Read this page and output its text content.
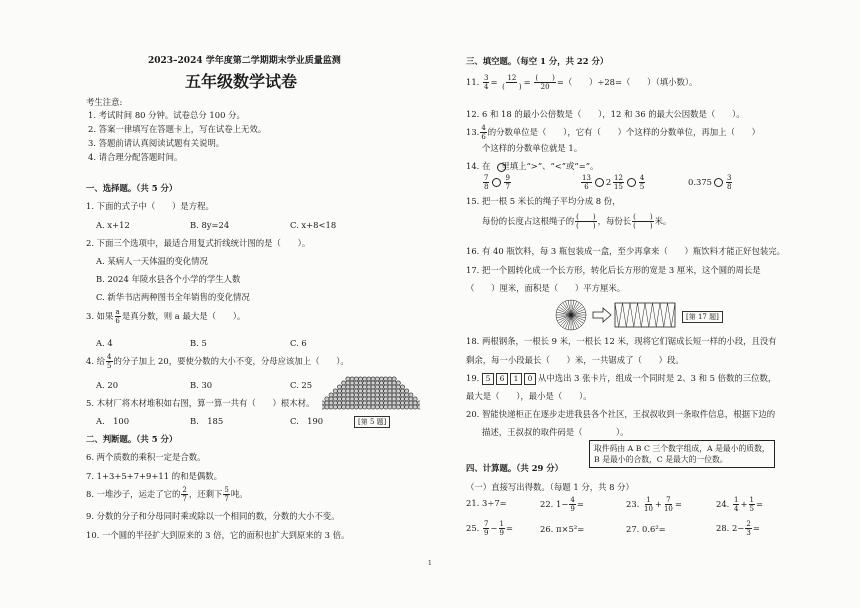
2023–2024 学年度第二学期期末学业质量监测
五年级数学试卷
考生注意:
1. 考试时间 80 分钟。试卷总分 100 分。
2. 答案一律填写在答题卡上，写在试卷上无效。
3. 答题前请认真阅读试题有关说明。
4. 请合理分配答题时间。
一、选择题。（共 5 分）
1. 下面的式子中（　　）是方程。
A. x+12	B. 8y=24	C. x+8<18
2. 下面三个选项中，最适合用复式折线统计图的是（　　）。
A. 某病人一天体温的变化情况
B. 2024 年陵水县各个小学的学生人数
C. 新华书店两种图书全年销售的变化情况
3. 如果 $\frac{a}{6}$ 是真分数，则 a 最大是（　　）。
A. 4	B. 5	C. 6
4. 给 $\frac{4}{5}$ 的分子加上 20，要使分数的大小不变，分母应该加上（　　）。
A. 20	B. 30	C. 25
5. 木材厂将木材堆积如右图，算一算一共有（　　）根木材。
A.　100	B.　185	C.　190	[第 5 题]
二、判断题。（共 5 分）
6. 两个质数的乘积一定是合数。
7. 1+3+5+7+9+11 的和是偶数。
8. 一堆沙子，运走了它的 $\frac{2}{7}$ ，还剩下 $\frac{5}{7}$ 吨。
9. 分数的分子和分母同时乘或除以一个相同的数，分数的大小不变。
10. 一个圆的半径扩大到原来的 3 倍，它的面积也扩大到原来的 3 倍。
三、填空题。（每空 1 分，共 22 分）
11. $\frac{3}{4} = \frac{12}{( )} = \frac{( )}{20}$ =（　　）÷28=（　　）（填小数）。
12. 6 和 18 的最小公倍数是（　　），12 和 36 的最大公因数是（　　）。
13. $\frac{4}{6}$ 的分数单位是（　　），它有（　　）个这样的分数单位，再加上（　　）
个这样的分数单位就是 1。
14. 在　 里填上“>”、“<”或“=”。
$\frac{7}{8} \frac{9}{7}$	$\frac{13}{6} 2 \frac{12}{15} \frac{4}{5}$	$0.375 \frac{3}{8}$
15. 把一根 5 米长的绳子平均分成 8 份，
每份的长度占这根绳子的 $\frac{( )}{( )}$ ，每份长 $\frac{( )}{( )}$ 米。
16. 有 40 瓶饮料，每 3 瓶包装成一盒，至少再拿来（　　）瓶饮料才能正好包装完。
17. 把一个圆转化成一个长方形，转化后长方形的宽是 3 厘米，这个圆的周长是
（　　）厘米，面积是（　　）平方厘米。
[第 17 题]
18. 两根钢条，一根长 9 米，一根长 12 米，现将它们锯成长短一样的小段，且没有
剩余，每一小段最长（　　）米，一共锯成了（　　）段。
19. 5 6 1 0 从中选出 3 张卡片，组成一个同时是 2、3 和 5 倍数的三位数，
最大是（　　），最小是（　　）。
20. 智能快递柜正在逐步走进我县各个社区，王叔叔收到一条取件信息，根据下边的
描述，王叔叔的取件码是（　　　　）。
取件码由 A B C 三个数字组成，A 是最小的质数，
B 是最小的合数，C 是最大的一位数。
四、计算题。（共 29 分）
（一）直接写出得数。（每题 1 分，共 8 分）
21. 3÷7=	22. $1- \frac{4}{9}$ =	23. $\frac{1}{10} + \frac{7}{10}$ =	24. $\frac{1}{4} + \frac{1}{5}$ =
25. $\frac{7}{9} - \frac{1}{9}$ =	26. π×5²=	27. 0.6²=	28. $2- \frac{2}{3}$ =
1
